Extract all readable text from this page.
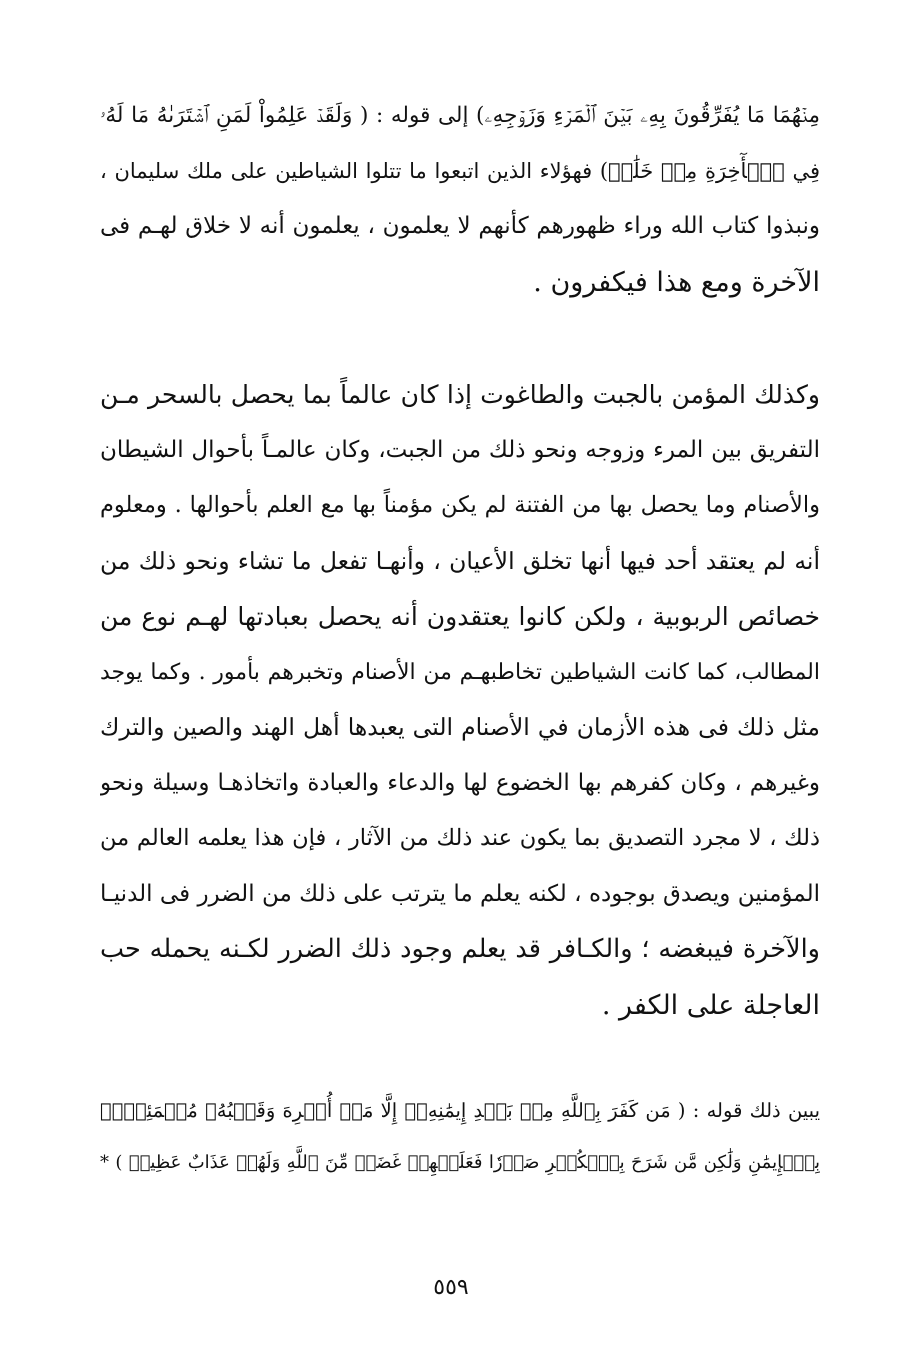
مِنۡهُمَا مَا يُفَرِّقُونَ بِهِۦ بَيۡنَ ٱلۡمَرۡءِ وَزَوۡجِهِۦ) إلى قوله : ( وَلَقَدۡ عَلِمُواْ لَمَنِ ٱشۡتَرَىٰهُ مَا لَهُۥ
فِي ٱلۡأٓخِرَةِ مِنۡ خَلَٰقٖ) فهؤلاء الذين اتبعوا ما تتلوا الشياطين على ملك سليمان ،
ونبذوا كتاب الله وراء ظهورهم كأنهم لا يعلمون ، يعلمون أنه لا خلاق لهـم فى
الآخرة ومع هذا فيكفرون .
وكذلك المؤمن بالجبت والطاغوت إذا كان عالماً بما يحصل بالسحر مـن
التفريق بين المرء وزوجه ونحو ذلك من الجبت، وكان عالمـاً بأحوال الشيطان
والأصنام وما يحصل بها من الفتنة لم يكن مؤمناً بها مع العلم بأحوالها . ومعلوم
أنه لم يعتقد أحد فيها أنها تخلق الأعيان ، وأنهـا تفعل ما تشاء ونحو ذلك من
خصائص الربوبية ، ولكن كانوا يعتقدون أنه يحصل بعبادتها لهـم نوع من
المطالب، كما كانت الشياطين تخاطبهـم من الأصنام وتخبرهم بأمور . وكما يوجد
مثل ذلك فى هذه الأزمان في الأصنام التى يعبدها أهل الهند والصين والترك
وغيرهم ، وكان كفرهم بها الخضوع لها والدعاء والعبادة واتخاذهـا وسيلة ونحو
ذلك ، لا مجرد التصديق بما يكون عند ذلك من الآثار ، فإن هذا يعلمه العالم من
المؤمنين ويصدق بوجوده ، لكنه يعلم ما يترتب على ذلك من الضرر فى الدنيـا
والآخرة فيبغضه ؛ والكـافر قد يعلم وجود ذلك الضرر لكـنه يحمله حب
العاجلة على الكفر .
يبين ذلك قوله : ( مَن كَفَرَ بِٱللَّهِ مِنۢ بَعۡدِ إِيمَٰنِهِۦٓ إِلَّا مَنۡ أُكۡرِهَ وَقَلۡبُهُۥ مُطۡمَئِنُّۢ
بِٱلۡإِيمَٰنِ وَلَٰكِن مَّن شَرَحَ بِٱلۡكُفۡرِ صَدۡرٗا فَعَلَيۡهِمۡ غَضَبٞ مِّنَ ٱللَّهِ وَلَهُمۡ عَذَابٌ عَظِيمٞ ) *
٥٥٩
